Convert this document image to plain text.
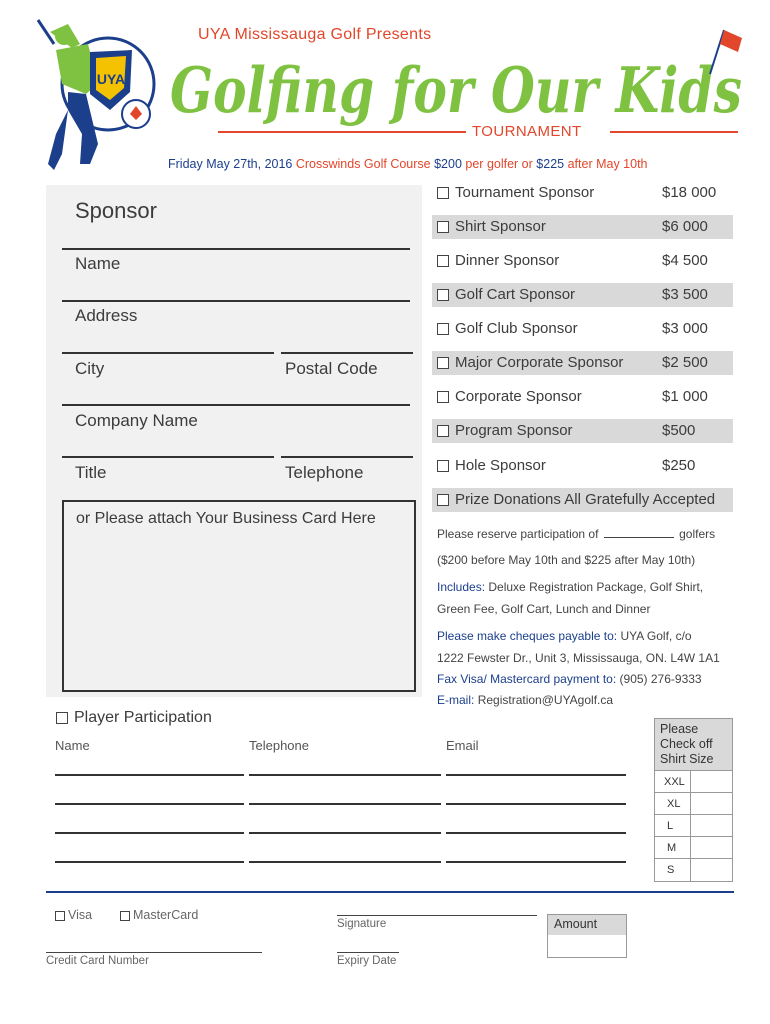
UYA
UYA Mississauga Golf Presents
Golfing for Our Kids
TOURNAMENT
Friday May 27th, 2016 Crosswinds Golf Course $200 per golfer or $225 after May 10th
Sponsor
Name
Address
City	Postal Code
Company Name
Title	Telephone
or Please attach Your Business Card Here
Tournament Sponsor	$18 000
Shirt Sponsor	$6 000
Dinner Sponsor	$4 500
Golf Cart Sponsor	$3 500
Golf Club Sponsor	$3 000
Major Corporate Sponsor	$2 500
Corporate Sponsor	$1 000
Program Sponsor	$500
Hole Sponsor	$250
Prize Donations All Gratefully Accepted
Please reserve participation of	golfers
($200 before May 10th and $225 after May 10th)
Includes: Deluxe Registration Package, Golf Shirt,
Green Fee, Golf Cart, Lunch and Dinner
Please make cheques payable to: UYA Golf, c/o
1222 Fewster Dr., Unit 3, Mississauga, ON. L4W 1A1
Fax Visa/ Mastercard payment to: (905) 276-9333
E-mail: Registration@UYAgolf.ca
Player Participation
Name	Telephone	Email
Please
Check off
Shirt Size
XXL
XL
L
M
S
Visa	MasterCard
Signature	Amount
Credit Card Number	Expiry Date
